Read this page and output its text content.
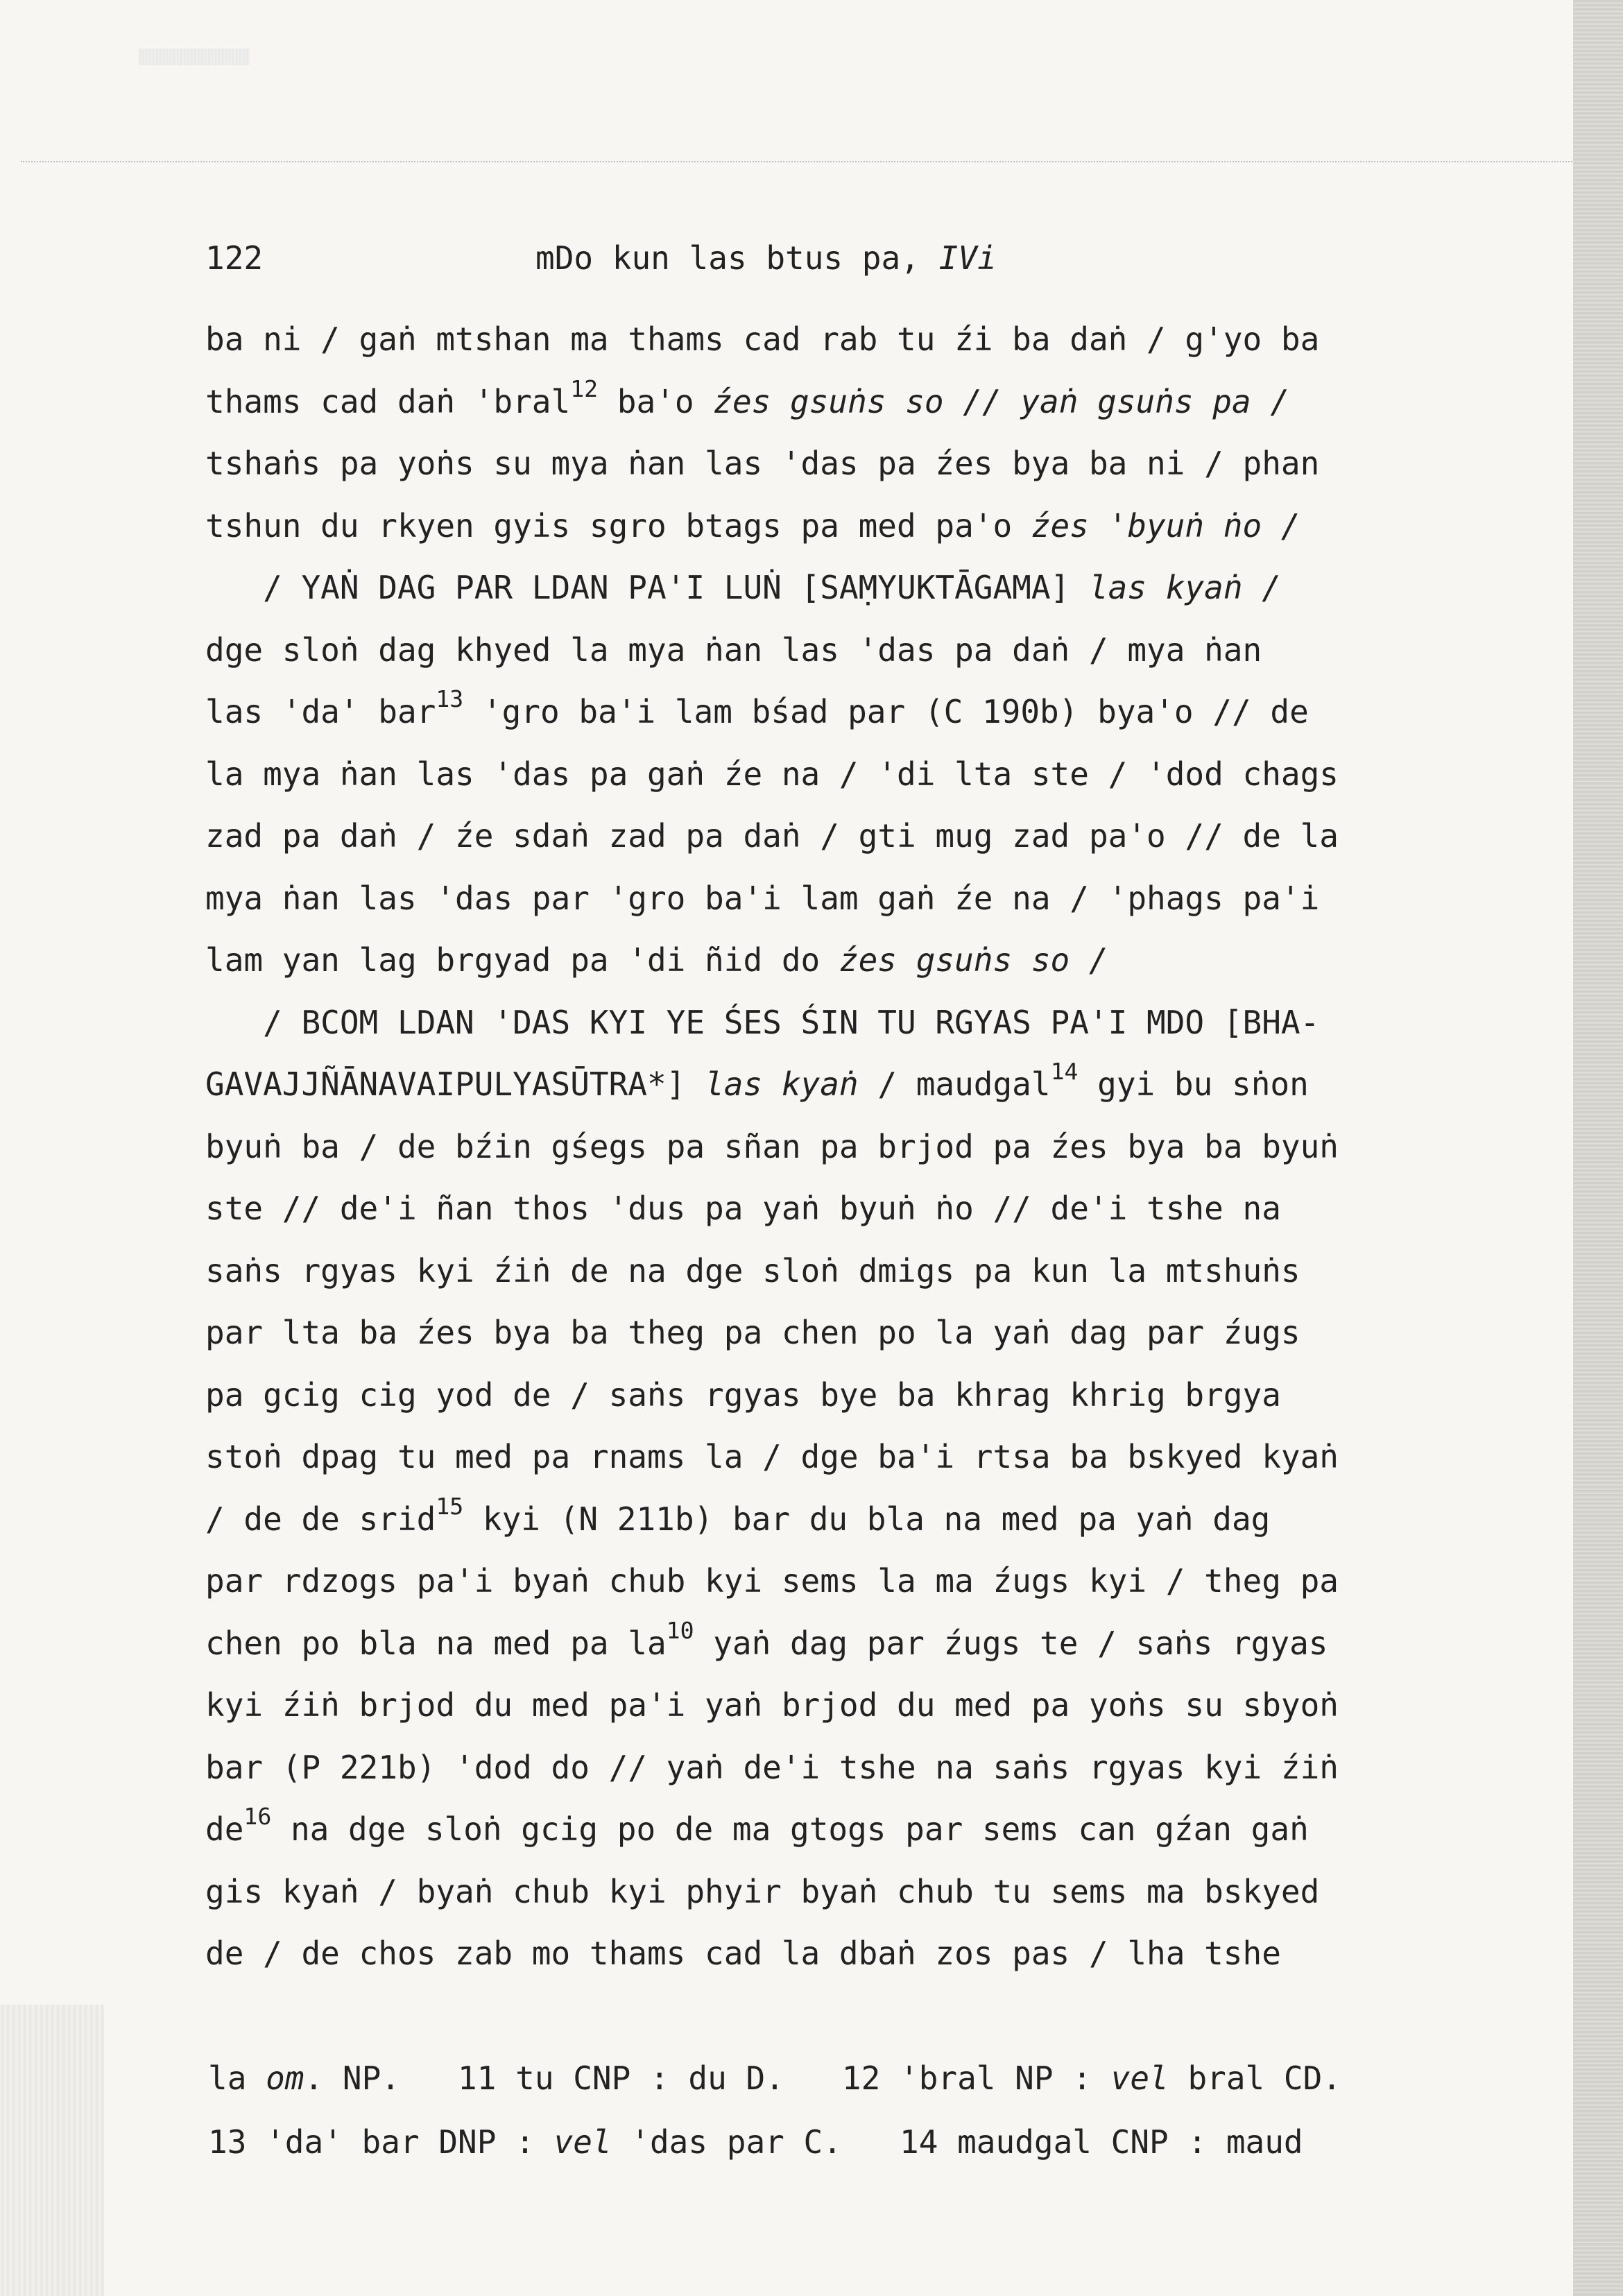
122	mDo kun las btus pa, IVi
ba ni / gaṅ mtshan ma thams cad rab tu źi ba daṅ / g'yo ba
thams cad daṅ 'bral$^{12}$ ba'o źes gsuṅs so // yaṅ gsuṅs pa /
tshaṅs pa yoṅs su mya ṅan las 'das pa źes bya ba ni / phan
tshun du rkyen gyis sgro btags pa med pa'o źes 'byuṅ ṅo /
/ YAṄ DAG PAR LDAN PA'I LUṄ [SAṂYUKTĀGAMA] las kyaṅ /
dge sloṅ dag khyed la mya ṅan las 'das pa daṅ / mya ṅan
las 'da' bar$^{13}$ 'gro ba'i lam bśad par (C 190b) bya'o // de
la mya ṅan las 'das pa gaṅ źe na / 'di lta ste / 'dod chags
zad pa daṅ / źe sdaṅ zad pa daṅ / gti mug zad pa'o // de la
mya ṅan las 'das par 'gro ba'i lam gaṅ źe na / 'phags pa'i
lam yan lag brgyad pa 'di ñid do źes gsuṅs so /
/ BCOM LDAN 'DAS KYI YE ŚES ŚIN TU RGYAS PA'I MDO [BHA-
GAVAJJÑĀNAVAIPULYASŪTRA*] las kyaṅ / maudgal$^{14}$ gyi bu sṅon
byuṅ ba / de bźin gśegs pa sñan pa brjod pa źes bya ba byuṅ
ste // de'i ñan thos 'dus pa yaṅ byuṅ ṅo // de'i tshe na
saṅs rgyas kyi źiṅ de na dge sloṅ dmigs pa kun la mtshuṅs
par lta ba źes bya ba theg pa chen po la yaṅ dag par źugs
pa gcig cig yod de / saṅs rgyas bye ba khrag khrig brgya
stoṅ dpag tu med pa rnams la / dge ba'i rtsa ba bskyed kyaṅ
/ de de srid$^{15}$ kyi (N 211b) bar du bla na med pa yaṅ dag
par rdzogs pa'i byaṅ chub kyi sems la ma źugs kyi / theg pa
chen po bla na med pa $la^{10}$ yaṅ dag par źugs te / saṅs rgyas
kyi źiṅ brjod du med pa'i yaṅ brjod du med pa yoṅs su sbyoṅ
bar (P 221b) 'dod do // yaṅ de'i tshe na saṅs rgyas kyi źiṅ
$de^{16}$ na dge sloṅ gcig po de ma gtogs par sems can gźan gaṅ
gis kyaṅ / byaṅ chub kyi phyir byaṅ chub tu sems ma bskyed
de / de chos zab mo thams cad la dbaṅ zos pas / lha tshe
la om. NP.   11 tu CNP : du D.   12 'bral NP : vel bral CD.
13 'da' bar DNP : vel 'das par C.   14 maudgal CNP : maud
